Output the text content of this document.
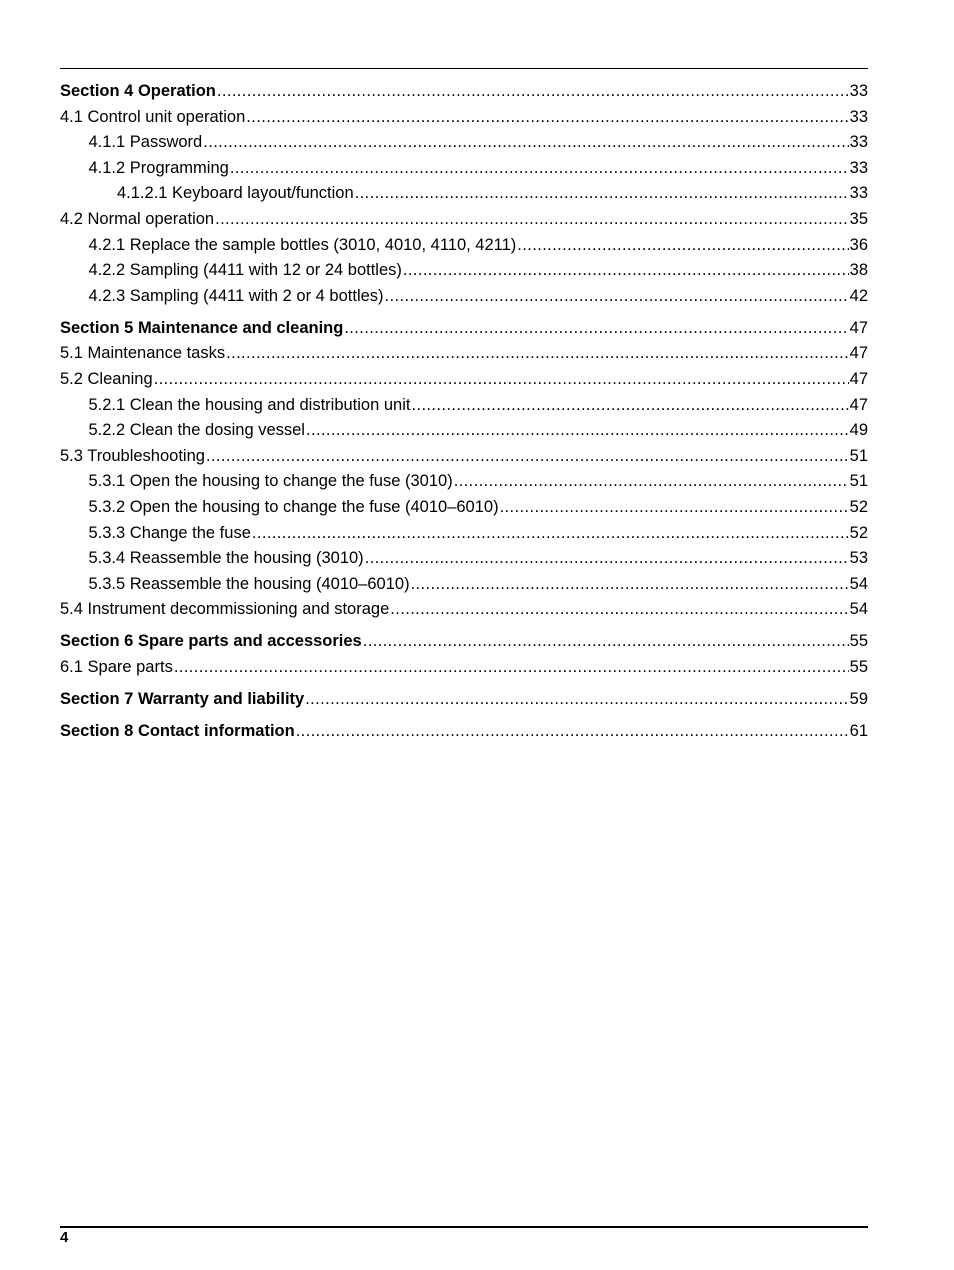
Section 4 Operation .....	33
4.1 Control unit operation .....	33
4.1.1 Password .....	33
4.1.2 Programming .....	33
4.1.2.1 Keyboard layout/function .....	33
4.2 Normal operation .....	35
4.2.1 Replace the sample bottles (3010, 4010, 4110, 4211) .....	36
4.2.2 Sampling (4411 with 12 or 24 bottles) .....	38
4.2.3 Sampling (4411 with 2 or 4 bottles) .....	42
Section 5 Maintenance and cleaning .....	47
5.1 Maintenance tasks .....	47
5.2 Cleaning .....	47
5.2.1 Clean the housing and distribution unit .....	47
5.2.2 Clean the dosing vessel .....	49
5.3 Troubleshooting .....	51
5.3.1 Open the housing to change the fuse (3010) .....	51
5.3.2 Open the housing to change the fuse (4010–6010) .....	52
5.3.3 Change the fuse .....	52
5.3.4 Reassemble the housing (3010) .....	53
5.3.5 Reassemble the housing (4010–6010) .....	54
5.4 Instrument decommissioning and storage .....	54
Section 6 Spare parts and accessories .....	55
6.1 Spare parts .....	55
Section 7 Warranty and liability .....	59
Section 8 Contact information .....	61
4
